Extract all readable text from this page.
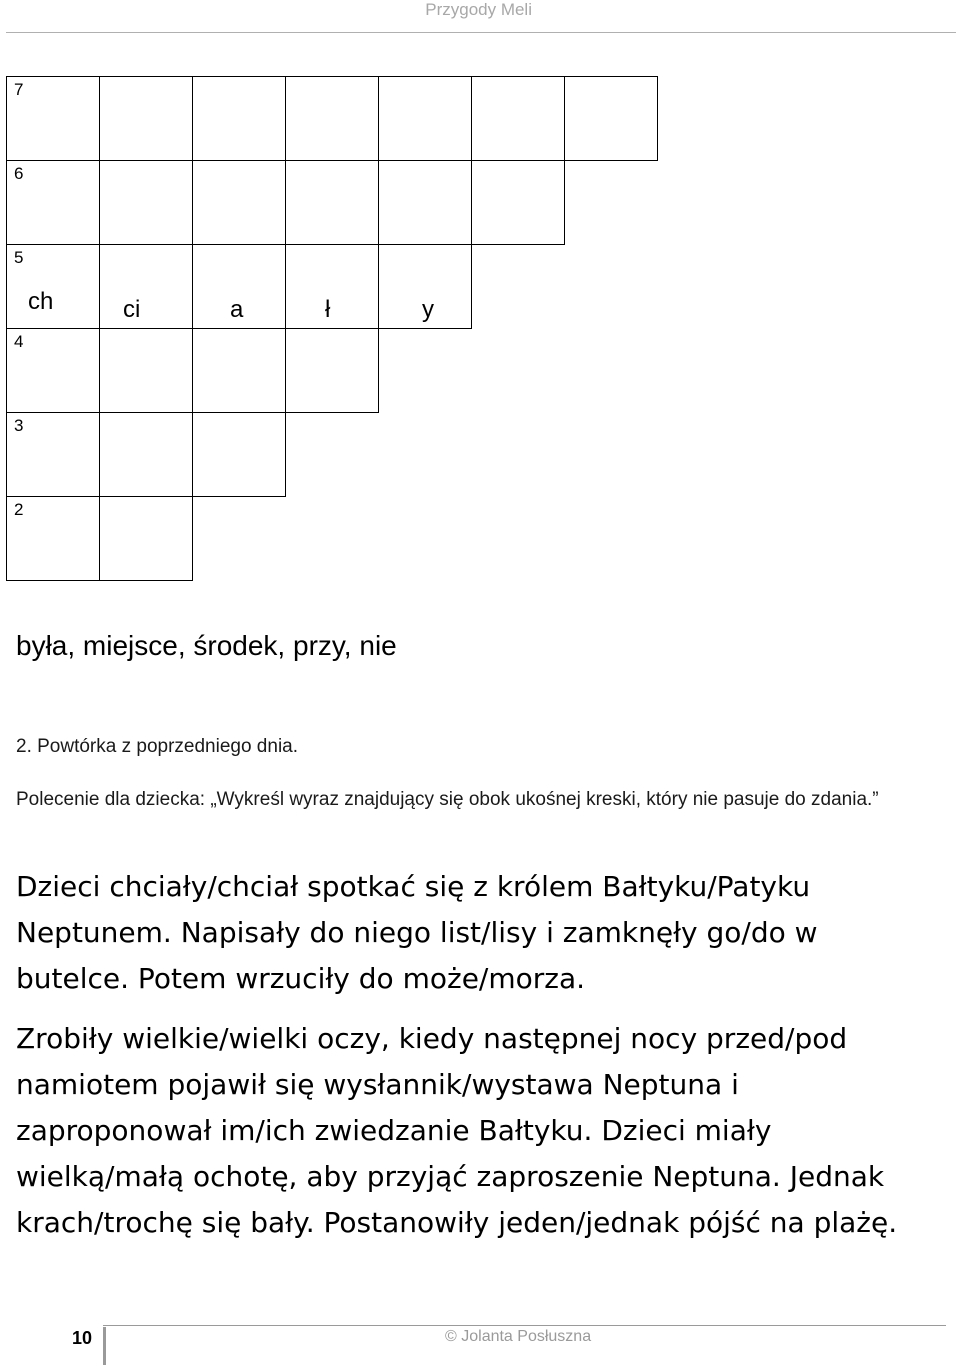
Przygody Meli
7
6
5
ch	ci	a	ł	y
4
3
2
była, miejsce, środek, przy, nie
2. Powtórka z poprzedniego dnia.
Polecenie dla dziecka: „Wykreśl wyraz znajdujący się obok ukośnej kreski, który nie pasuje do zdania.”
Dzieci chciały/chciał spotkać się z królem Bałtyku/Patyku Neptunem. Napisały do niego list/lisy i zamknęły go/do w butelce. Potem wrzuciły do może/morza.
Zrobiły wielkie/wielki oczy, kiedy następnej nocy przed/pod namiotem pojawił się wysłannik/wystawa Neptuna i zaproponował im/ich zwiedzanie Bałtyku. Dzieci miały wielką/małą ochotę, aby przyjąć zaproszenie Neptuna. Jednak krach/trochę się bały. Postanowiły jeden/jednak pójść na plażę.
10	© Jolanta Posłuszna
